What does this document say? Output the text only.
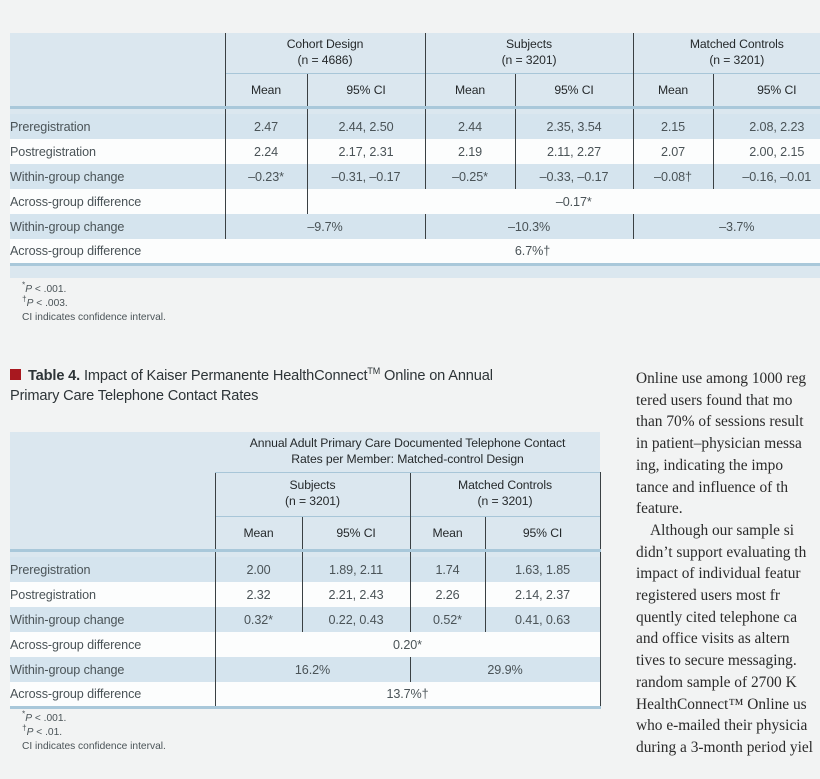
Cohort Design
(n = 4686)

Subjects
(n = 3201)

Matched Controls
(n = 3201)

	Mean	95% CI	Mean	95% CI	Mean	95% CI

Preregistration	2.47	2.44, 2.50	2.44	2.35, 3.54	2.15	2.08, 2.23
Postregistration	2.24	2.17, 2.31	2.19	2.11, 2.27	2.07	2.00, 2.15
Within-group change	–0.23*	–0.31, –0.17	–0.25*	–0.33, –0.17	–0.08†	–0.16, –0.01
Across-group difference		–0.17*				
Within-group change	–9.7%		–10.3%		–3.7%	
Across-group difference	6.7%†					

*P < .001.
†P < .003.
CI indicates confidence interval.
Table 4. Impact of Kaiser Permanente HealthConnect™ Online on Annual
Primary Care Telephone Contact Rates

	Annual Adult Primary Care Documented Telephone Contact
Rates per Member: Matched-control Design			

Subjects
(n = 3201)

Matched Controls
(n = 3201)

	Mean	95% CI	Mean	95% CI

Preregistration	2.00	1.89, 2.11	1.74	1.63, 1.85
Postregistration	2.32	2.21, 2.43	2.26	2.14, 2.37
Within-group change	0.32*	0.22, 0.43	0.52*	0.41, 0.63
Across-group difference	0.20*			
Within-group change	16.2%		29.9%	
Across-group difference	13.7%†			

*P < .001.
†P < .01.
CI indicates confidence interval.
Online use among 1000 reg
tered users found that mo
than 70% of sessions result
in patient–physician messa
ing, indicating the impo
tance and influence of th
feature.
Although our sample si
didn’t support evaluating th
impact of individual featur
registered users most fr
quently cited telephone ca
and office visits as altern
tives to secure messaging.
random sample of 2700 K
HealthConnect™ Online us
who e-mailed their physicia
during a 3-month period yiel
